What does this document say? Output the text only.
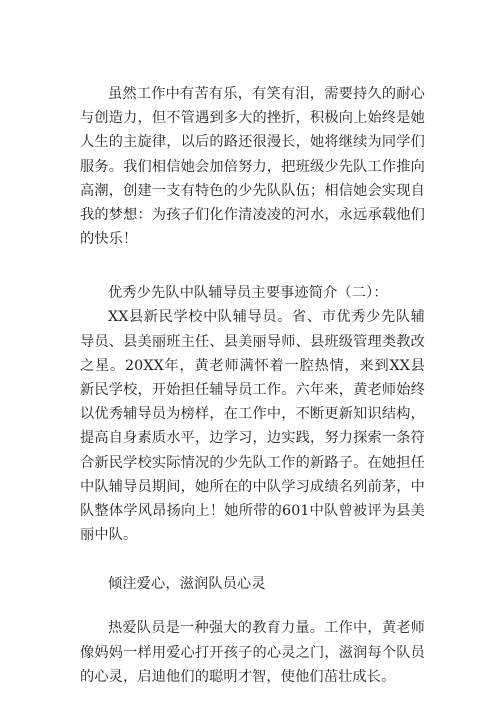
虽然工作中有苦有乐，有笑有泪，需要持久的耐心与创造力，但不管遇到多大的挫折，积极向上始终是她人生的主旋律，以后的路还很漫长，她将继续为同学们服务。我们相信她会加倍努力，把班级少先队工作推向高潮，创建一支有特色的少先队队伍；相信她会实现自我的梦想：为孩子们化作清凌凌的河水，永远承载他们的快乐！

优秀少先队中队辅导员主要事迹简介（二）：

XX县新民学校中队辅导员。省、市优秀少先队辅导员、县美丽班主任、县美丽导师、县班级管理类教改之星。20XX年，黄老师满怀着一腔热情，来到XX县新民学校，开始担任辅导员工作。六年来，黄老师始终以优秀辅导员为榜样，在工作中，不断更新知识结构，提高自身素质水平，边学习，边实践，努力探索一条符合新民学校实际情况的少先队工作的新路子。在她担任中队辅导员期间，她所在的中队学习成绩名列前茅，中队整体学风昂扬向上！她所带的601中队曾被评为县美丽中队。

倾注爱心，滋润队员心灵

热爱队员是一种强大的教育力量。工作中，黄老师像妈妈一样用爱心打开孩子的心灵之门，滋润每个队员的心灵，启迪他们的聪明才智，使他们茁壮成长。
